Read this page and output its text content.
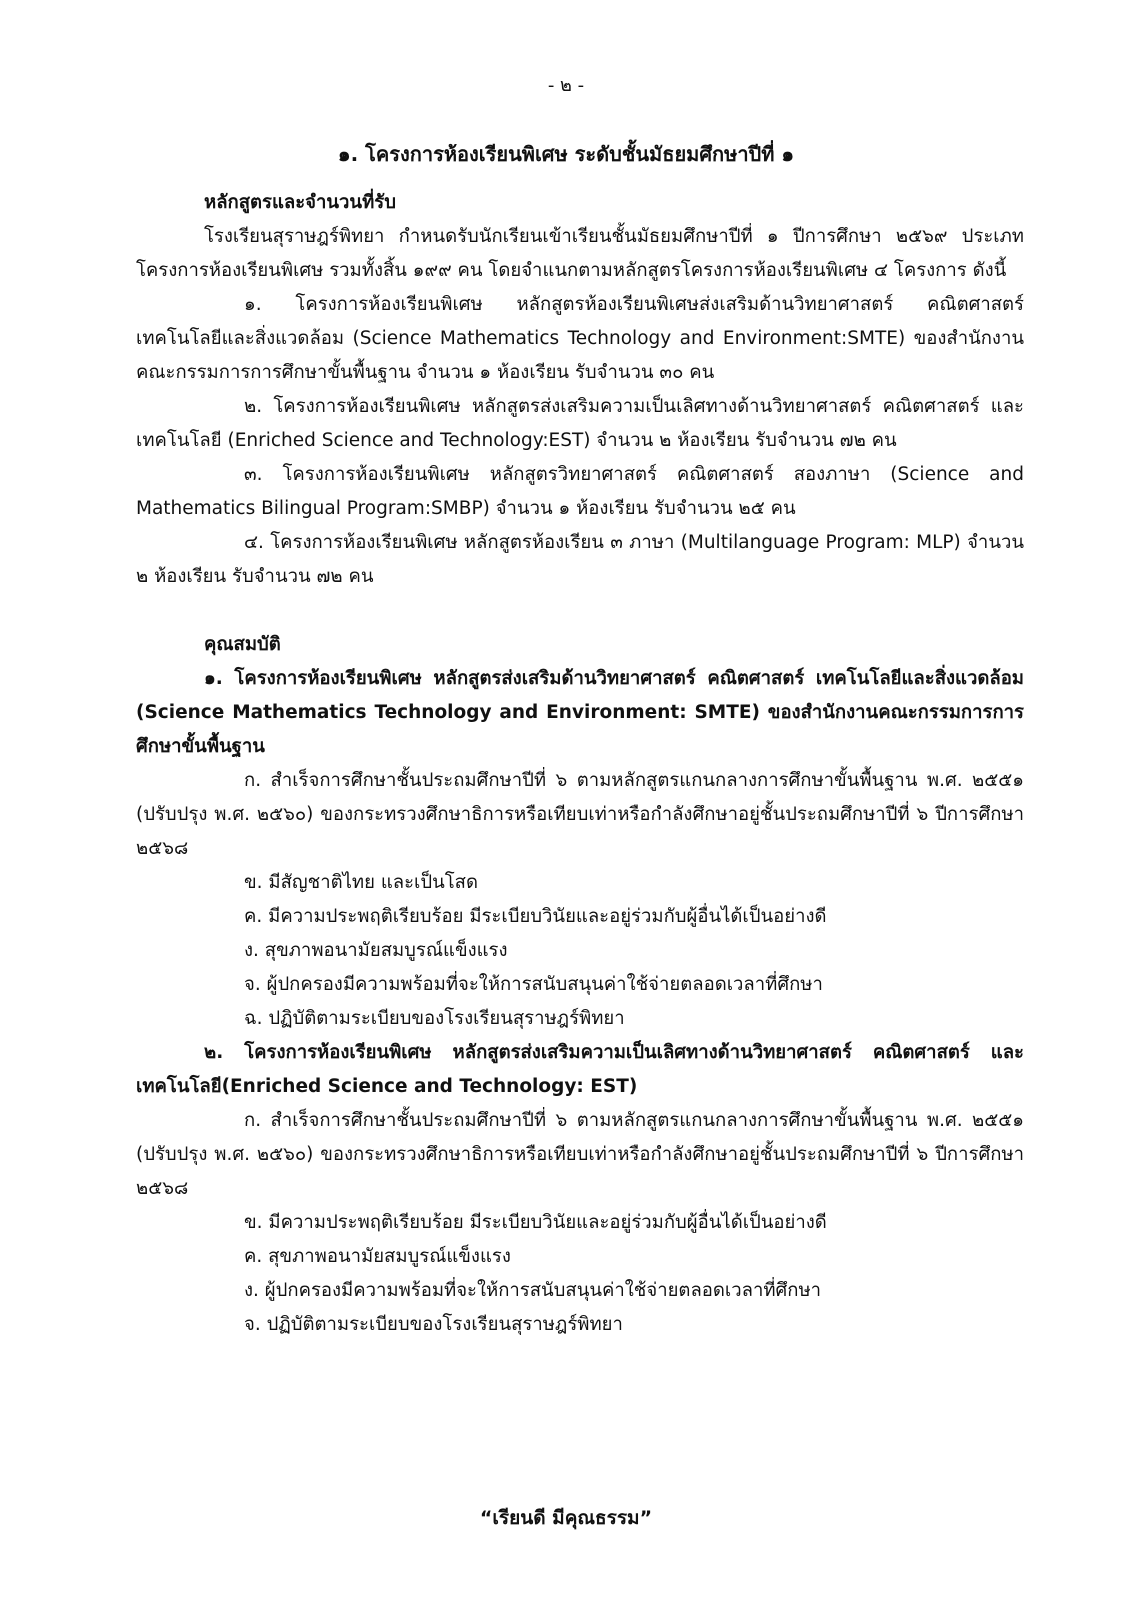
- ๒ -
๑. โครงการห้องเรียนพิเศษ ระดับชั้นมัธยมศึกษาปีที่ ๑

หลักสูตรและจำนวนที่รับ

โรงเรียนสุราษฎร์พิทยา กำหนดรับนักเรียนเข้าเรียนชั้นมัธยมศึกษาปีที่ ๑ ปีการศึกษา ๒๕๖๙ ประเภทโครงการห้องเรียนพิเศษ รวมทั้งสิ้น ๑๙๙ คน โดยจำแนกตามหลักสูตรโครงการห้องเรียนพิเศษ ๔ โครงการ ดังนี้

๑. โครงการห้องเรียนพิเศษ หลักสูตรห้องเรียนพิเศษส่งเสริมด้านวิทยาศาสตร์ คณิตศาสตร์ เทคโนโลยีและสิ่งแวดล้อม (Science Mathematics Technology and Environment:SMTE) ของสำนักงานคณะกรรมการการศึกษาขั้นพื้นฐาน จำนวน ๑ ห้องเรียน รับจำนวน ๓๐ คน

๒. โครงการห้องเรียนพิเศษ หลักสูตรส่งเสริมความเป็นเลิศทางด้านวิทยาศาสตร์ คณิตศาสตร์ และเทคโนโลยี (Enriched Science and Technology:EST) จำนวน ๒ ห้องเรียน รับจำนวน ๗๒ คน

๓. โครงการห้องเรียนพิเศษ หลักสูตรวิทยาศาสตร์ คณิตศาสตร์ สองภาษา (Science and Mathematics Bilingual Program:SMBP) จำนวน ๑ ห้องเรียน รับจำนวน ๒๕ คน

๔. โครงการห้องเรียนพิเศษ หลักสูตรห้องเรียน ๓ ภาษา (Multilanguage Program: MLP) จำนวน ๒ ห้องเรียน รับจำนวน ๗๒ คน

คุณสมบัติ

๑. โครงการห้องเรียนพิเศษ หลักสูตรส่งเสริมด้านวิทยาศาสตร์ คณิตศาสตร์ เทคโนโลยีและสิ่งแวดล้อม (Science Mathematics Technology and Environment: SMTE) ของสำนักงานคณะกรรมการการศึกษาขั้นพื้นฐาน

ก. สำเร็จการศึกษาชั้นประถมศึกษาปีที่ ๖ ตามหลักสูตรแกนกลางการศึกษาขั้นพื้นฐาน พ.ศ. ๒๕๕๑ (ปรับปรุง พ.ศ. ๒๕๖๐) ของกระทรวงศึกษาธิการหรือเทียบเท่าหรือกำลังศึกษาอยู่ชั้นประถมศึกษาปีที่ ๖ ปีการศึกษา ๒๕๖๘

ข. มีสัญชาติไทย และเป็นโสด

ค. มีความประพฤติเรียบร้อย มีระเบียบวินัยและอยู่ร่วมกับผู้อื่นได้เป็นอย่างดี

ง. สุขภาพอนามัยสมบูรณ์แข็งแรง

จ. ผู้ปกครองมีความพร้อมที่จะให้การสนับสนุนค่าใช้จ่ายตลอดเวลาที่ศึกษา

ฉ. ปฏิบัติตามระเบียบของโรงเรียนสุราษฎร์พิทยา

๒. โครงการห้องเรียนพิเศษ หลักสูตรส่งเสริมความเป็นเลิศทางด้านวิทยาศาสตร์ คณิตศาสตร์ และเทคโนโลยี(Enriched Science and Technology: EST)

ก. สำเร็จการศึกษาชั้นประถมศึกษาปีที่ ๖ ตามหลักสูตรแกนกลางการศึกษาขั้นพื้นฐาน พ.ศ. ๒๕๕๑ (ปรับปรุง พ.ศ. ๒๕๖๐) ของกระทรวงศึกษาธิการหรือเทียบเท่าหรือกำลังศึกษาอยู่ชั้นประถมศึกษาปีที่ ๖ ปีการศึกษา ๒๕๖๘

ข. มีความประพฤติเรียบร้อย มีระเบียบวินัยและอยู่ร่วมกับผู้อื่นได้เป็นอย่างดี

ค. สุขภาพอนามัยสมบูรณ์แข็งแรง

ง. ผู้ปกครองมีความพร้อมที่จะให้การสนับสนุนค่าใช้จ่ายตลอดเวลาที่ศึกษา

จ. ปฏิบัติตามระเบียบของโรงเรียนสุราษฎร์พิทยา

“เรียนดี มีคุณธรรม”
